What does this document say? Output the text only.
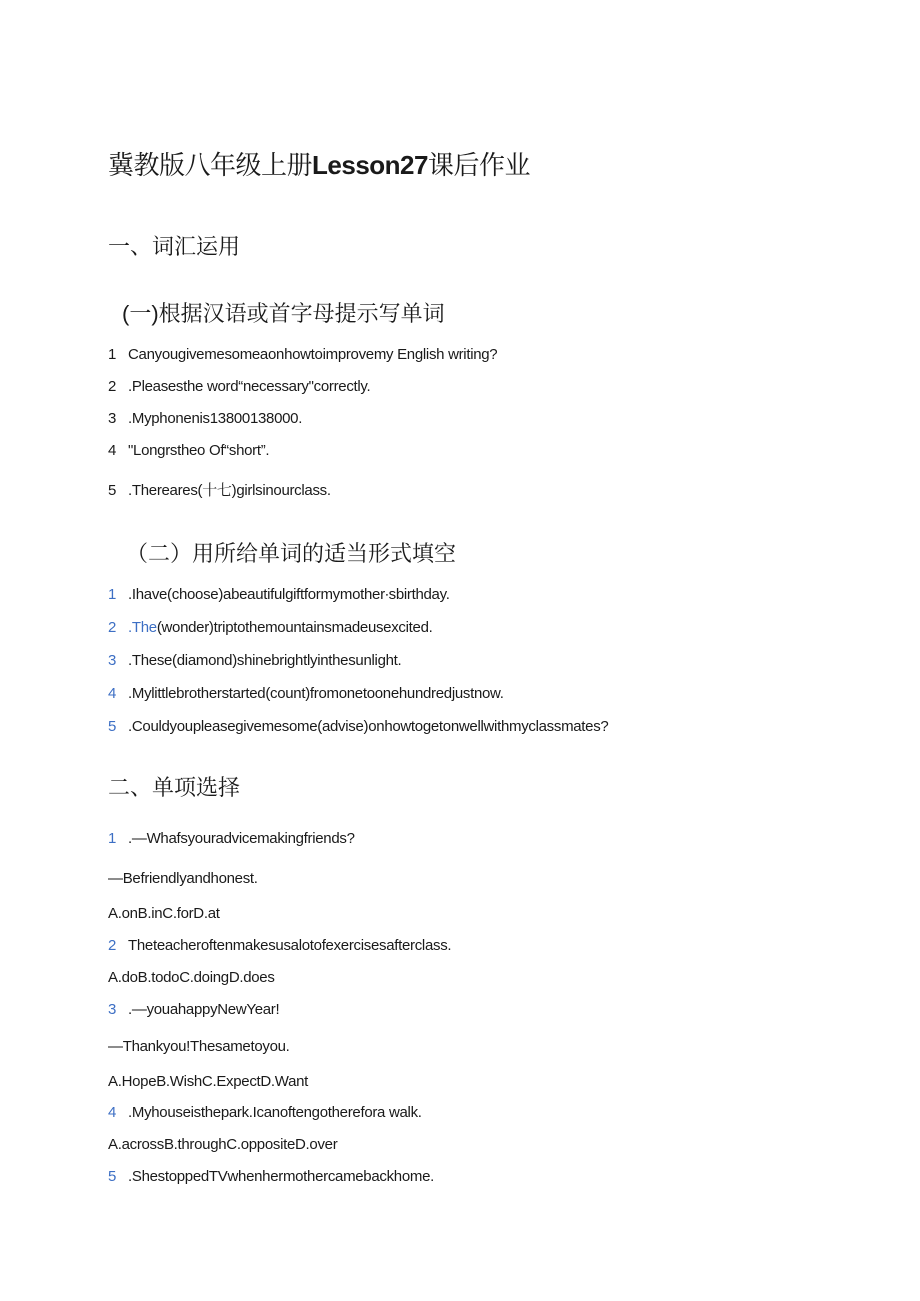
冀教版八年级上册Lesson27课后作业
一、词汇运用
(一)根据汉语或首字母提示写单词
1 Canyougivemesomeaonhowtoimprovemy English writing?
2 .Pleasesthe word“necessary"correctly.
3 .Myphonenis13800138000.
4 "Longrstheo Of“short”.
5 .Thereares(十七)girlsinourclass.
（二）用所给单词的适当形式填空
1 .Ihave(choose)abeautifulgiftformymother∙sbirthday.
2 .The(wonder)triptothemountainsmadeusexcited.
3 .These(diamond)shinebrightlyinthesunlight.
4 .Mylittlebrotherstarted(count)fromonetoonehundredjustnow.
5 .Couldyoupleasegivemesome(advise)onhowtogetonwellwithmyclassmates?
二、单项选择
1 .—Whafsyouradvicemakingfriends?
—Befriendlyandhonest.
A.onB.inC.forD.at
2 Theteacheroftenmakesusalotofexercisesafterclass.
A.doB.todoC.doingD.does
3 .—youahappyNewYear!
—Thankyou!Thesametoyou.
A.HopeB.WishC.ExpectD.Want
4 .Myhouseisthepark.Icanoftengotherefora walk.
A.acrossB.throughC.oppositeD.over
5 .ShestoppedTVwhenhermothercamebackhome.
